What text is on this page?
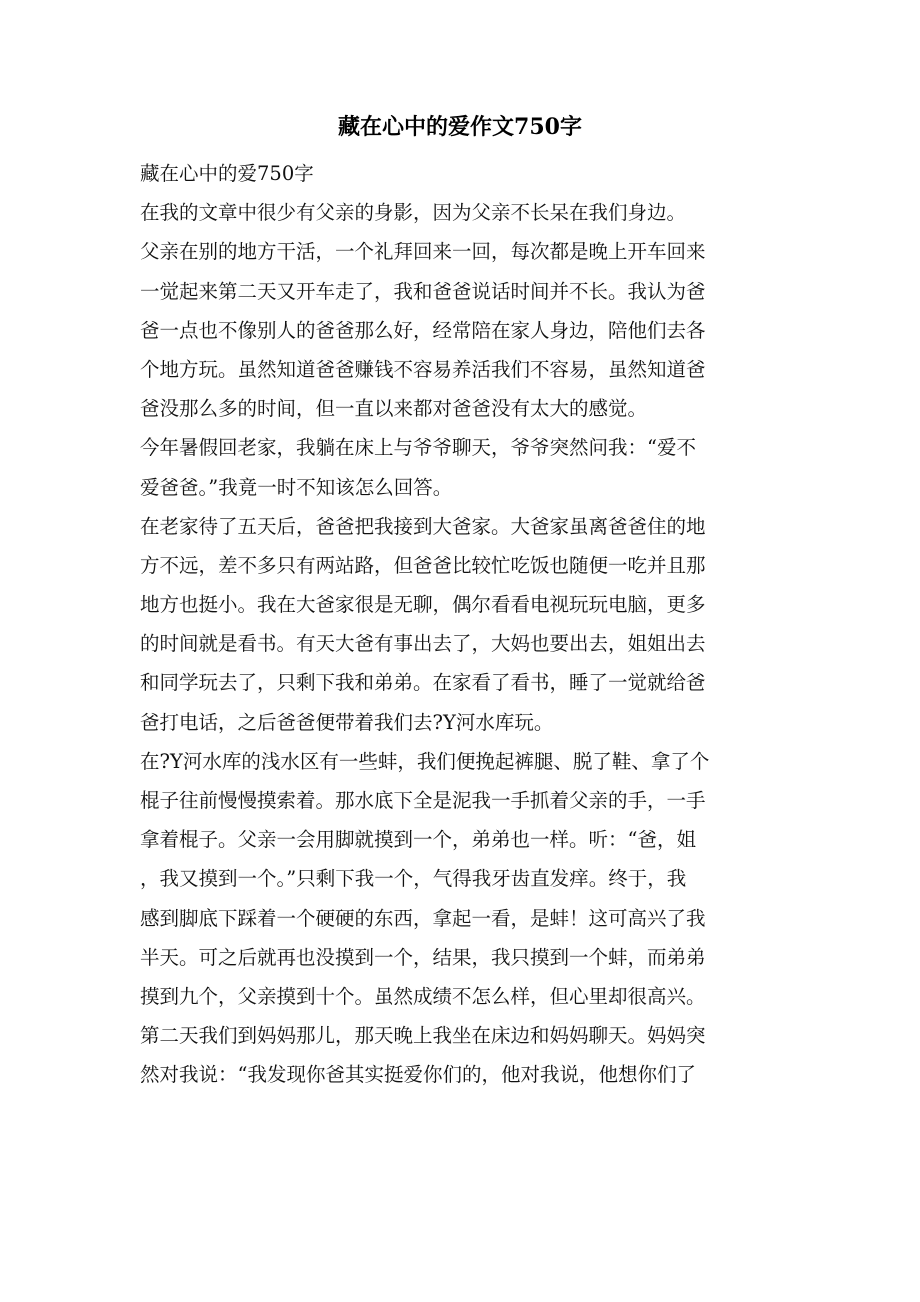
藏在心中的爱作文750字
藏在心中的爱750字
在我的文章中很少有父亲的身影，因为父亲不长呆在我们身边。
父亲在别的地方干活，一个礼拜回来一回，每次都是晚上开车回来
一觉起来第二天又开车走了，我和爸爸说话时间并不长。我认为爸
爸一点也不像别人的爸爸那么好，经常陪在家人身边，陪他们去各
个地方玩。虽然知道爸爸赚钱不容易养活我们不容易，虽然知道爸
爸没那么多的时间，但一直以来都对爸爸没有太大的感觉。
今年暑假回老家，我躺在床上与爷爷聊天，爷爷突然问我：“爱不
爱爸爸。”我竟一时不知该怎么回答。
在老家待了五天后，爸爸把我接到大爸家。大爸家虽离爸爸住的地
方不远，差不多只有两站路，但爸爸比较忙吃饭也随便一吃并且那
地方也挺小。我在大爸家很是无聊，偶尔看看电视玩玩电脑，更多
的时间就是看书。有天大爸有事出去了，大妈也要出去，姐姐出去
和同学玩去了，只剩下我和弟弟。在家看了看书，睡了一觉就给爸
爸打电话，之后爸爸便带着我们去?Y河水库玩。
在?Y河水库的浅水区有一些蚌，我们便挽起裤腿、脱了鞋、拿了个
棍子往前慢慢摸索着。那水底下全是泥我一手抓着父亲的手，一手
拿着棍子。父亲一会用脚就摸到一个，弟弟也一样。听：“爸，姐
，我又摸到一个。”只剩下我一个，气得我牙齿直发痒。终于，我
感到脚底下踩着一个硬硬的东西，拿起一看，是蚌！这可高兴了我
半天。可之后就再也没摸到一个，结果，我只摸到一个蚌，而弟弟
摸到九个，父亲摸到十个。虽然成绩不怎么样，但心里却很高兴。
第二天我们到妈妈那儿，那天晚上我坐在床边和妈妈聊天。妈妈突
然对我说：“我发现你爸其实挺爱你们的，他对我说，他想你们了
